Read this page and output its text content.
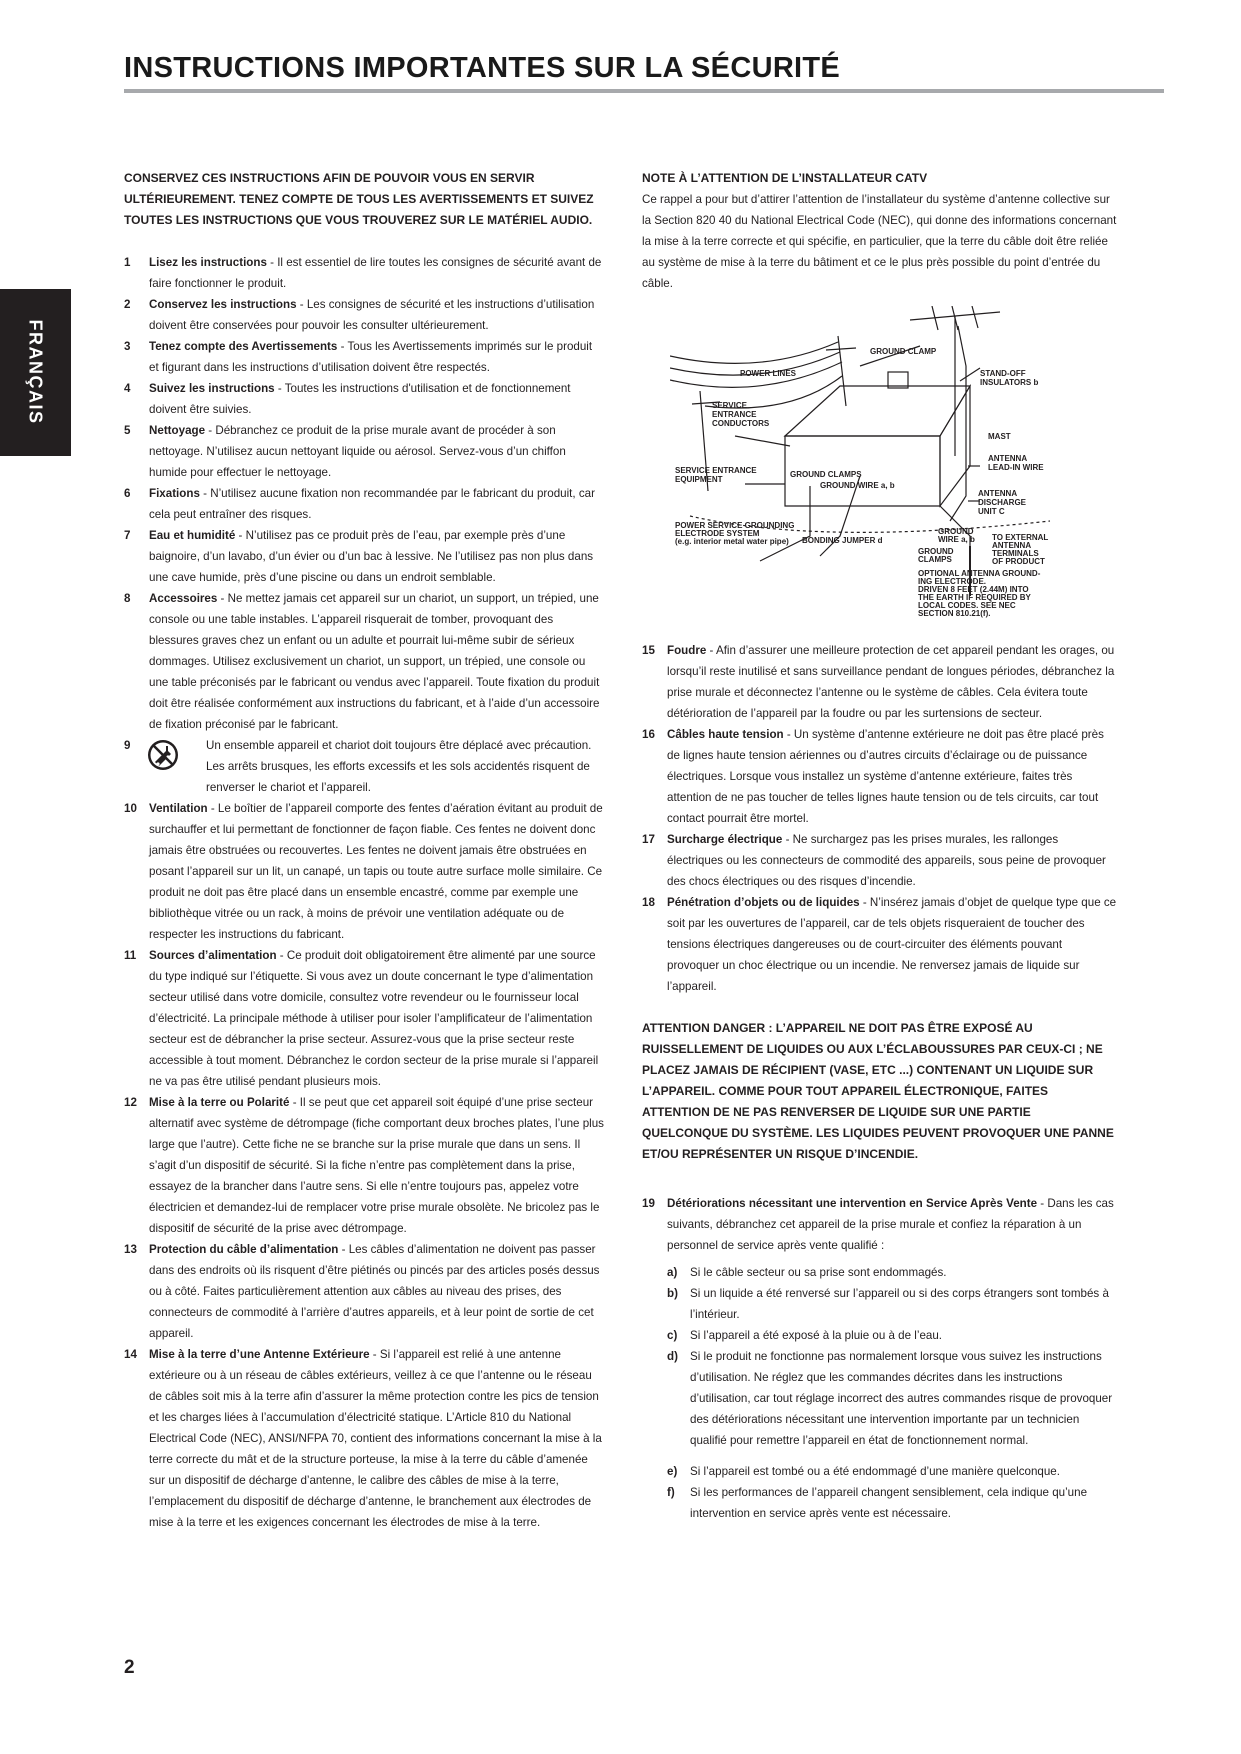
INSTRUCTIONS IMPORTANTES SUR LA SÉCURITÉ
FRANÇAIS

CONSERVEZ CES INSTRUCTIONS AFIN DE POUVOIR VOUS EN SERVIR ULTÉRIEUREMENT. TENEZ COMPTE DE TOUS LES AVERTISSEMENTS ET SUIVEZ TOUTES LES INSTRUCTIONS QUE VOUS TROUVEREZ SUR LE MATÉRIEL AUDIO.

1 Lisez les instructions - Il est essentiel de lire toutes les consignes de sécurité avant de faire fonctionner le produit.
2 Conservez les instructions - Les consignes de sécurité et les instructions d’utilisation doivent être conservées pour pouvoir les consulter ultérieurement.
3 Tenez compte des Avertissements - Tous les Avertissements imprimés sur le produit et figurant dans les instructions d’utilisation doivent être respectés.
4 Suivez les instructions - Toutes les instructions d'utilisation et de fonctionnement doivent être suivies.
5 Nettoyage - Débranchez ce produit de la prise murale avant de procéder à son nettoyage. N’utilisez aucun nettoyant liquide ou aérosol. Servez-vous d’un chiffon humide pour effectuer le nettoyage.
6 Fixations - N’utilisez aucune fixation non recommandée par le fabricant du produit, car cela peut entraîner des risques.
7 Eau et humidité - N’utilisez pas ce produit près de l’eau, par exemple près d’une baignoire, d’un lavabo, d’un évier ou d’un bac à lessive. Ne l’utilisez pas non plus dans une cave humide, près d’une piscine ou dans un endroit semblable.
8 Accessoires - Ne mettez jamais cet appareil sur un chariot, un support, un trépied, une console ou une table instables. L’appareil risquerait de tomber, provoquant des blessures graves chez un enfant ou un adulte et pourrait lui-même subir de sérieux dommages. Utilisez exclusivement un chariot, un support, un trépied, une console ou une table préconisés par le fabricant ou vendus avec l’appareil. Toute fixation du produit doit être réalisée conformément aux instructions du fabricant, et à l’aide d’un accessoire de fixation préconisé par le fabricant.
9	Un ensemble appareil et chariot doit toujours être déplacé avec précaution. Les arrêts brusques, les efforts excessifs et les sols accidentés risquent de renverser le chariot et l’appareil.
10 Ventilation - Le boîtier de l’appareil comporte des fentes d’aération évitant au produit de surchauffer et lui permettant de fonctionner de façon fiable. Ces fentes ne doivent donc jamais être obstruées ou recouvertes. Les fentes ne doivent jamais être obstruées en posant l’appareil sur un lit, un canapé, un tapis ou toute autre surface molle similaire. Ce produit ne doit pas être placé dans un ensemble encastré, comme par exemple une bibliothèque vitrée ou un rack, à moins de prévoir une ventilation adéquate ou de respecter les instructions du fabricant.
11 Sources d’alimentation - Ce produit doit obligatoirement être alimenté par une source du type indiqué sur l’étiquette. Si vous avez un doute concernant le type d’alimentation secteur utilisé dans votre domicile, consultez votre revendeur ou le fournisseur local d’électricité. La principale méthode à utiliser pour isoler l’amplificateur de l’alimentation secteur est de débrancher la prise secteur. Assurez-vous que la prise secteur reste accessible à tout moment. Débranchez le cordon secteur de la prise murale si l’appareil ne va pas être utilisé pendant plusieurs mois.
12 Mise à la terre ou Polarité - Il se peut que cet appareil soit équipé d’une prise secteur alternatif avec système de détrompage (fiche comportant deux broches plates, l’une plus large que l’autre). Cette fiche ne se branche sur la prise murale que dans un sens. Il s’agit d’un dispositif de sécurité. Si la fiche n’entre pas complètement dans la prise, essayez de la brancher dans l’autre sens. Si elle n’entre toujours pas, appelez votre électricien et demandez-lui de remplacer votre prise murale obsolète. Ne bricolez pas le dispositif de sécurité de la prise avec détrompage.
13 Protection du câble d’alimentation - Les câbles d’alimentation ne doivent pas passer dans des endroits où ils risquent d’être piétinés ou pincés par des articles posés dessus ou à côté. Faites particulièrement attention aux câbles au niveau des prises, des connecteurs de commodité à l’arrière d’autres appareils, et à leur point de sortie de cet appareil.
14 Mise à la terre d’une Antenne Extérieure - Si l’appareil est relié à une antenne extérieure ou à un réseau de câbles extérieurs, veillez à ce que l’antenne ou le réseau de câbles soit mis à la terre afin d’assurer la même protection contre les pics de tension et les charges liées à l’accumulation d’électricité statique. L’Article 810 du National Electrical Code (NEC), ANSI/NFPA 70, contient des informations concernant la mise à la terre correcte du mât et de la structure porteuse, la mise à la terre du câble d’amenée sur un dispositif de décharge d’antenne, le calibre des câbles de mise à la terre, l’emplacement du dispositif de décharge d’antenne, le branchement aux électrodes de mise à la terre et les exigences concernant les électrodes de mise à la terre.

NOTE À L’ATTENTION DE L’INSTALLATEUR CATV

Ce rappel a pour but d’attirer l’attention de l’installateur du système d’antenne collective sur la Section 820 40 du National Electrical Code (NEC), qui donne des informations concernant la mise à la terre correcte et qui spécifie, en particulier, que la terre du câble doit être reliée au système de mise à la terre du bâtiment et ce le plus près possible du point d’entrée du câble.

GROUND CLAMP
POWER LINES	STAND-OFF
INSULATORS b
SERVICE
ENTRANCE
CONDUCTORS
MAST
SERVICE ENTRANCE
EQUIPMENT
GROUND CLAMPS
GROUND WIRE a, b
ANTENNA
LEAD-IN WIRE
ANTENNA
DISCHARGE
UNIT C
POWER SERVICE GROUNDING
ELECTRODE SYSTEM
(e.g. interior metal water pipe) BONDING JUMPER d
GROUND
WIRE a, b TO EXTERNAL
ANTENNA
TERMINALS
OF PRODUCT
GROUND
CLAMPS
OPTIONAL ANTENNA GROUND-
ING ELECTRODE.
DRIVEN 8 FEET (2.44M) INTO
THE EARTH IF REQUIRED BY
LOCAL CODES. SEE NEC
SECTION 810.21(f).
15 Foudre - Afin d’assurer une meilleure protection de cet appareil pendant les orages, ou lorsqu’il reste inutilisé et sans surveillance pendant de longues périodes, débranchez la prise murale et déconnectez l’antenne ou le système de câbles. Cela évitera toute détérioration de l’appareil par la foudre ou par les surtensions de secteur.
16 Câbles haute tension - Un système d’antenne extérieure ne doit pas être placé près de lignes haute tension aériennes ou d’autres circuits d’éclairage ou de puissance électriques. Lorsque vous installez un système d’antenne extérieure, faites très attention de ne pas toucher de telles lignes haute tension ou de tels circuits, car tout contact pourrait être mortel.
17 Surcharge électrique - Ne surchargez pas les prises murales, les rallonges électriques ou les connecteurs de commodité des appareils, sous peine de provoquer des chocs électriques ou des risques d’incendie.
18 Pénétration d’objets ou de liquides - N’insérez jamais d’objet de quelque type que ce soit par les ouvertures de l’appareil, car de tels objets risqueraient de toucher des tensions électriques dangereuses ou de court-circuiter des éléments pouvant provoquer un choc électrique ou un incendie. Ne renversez jamais de liquide sur l’appareil.

ATTENTION DANGER : L’APPAREIL NE DOIT PAS ÊTRE EXPOSÉ AU RUISSELLEMENT DE LIQUIDES OU AUX L’ÉCLABOUSSURES PAR CEUX-CI ; NE PLACEZ JAMAIS DE RÉCIPIENT (VASE, ETC ...) CONTENANT UN LIQUIDE SUR L’APPAREIL. COMME POUR TOUT APPAREIL ÉLECTRONIQUE, FAITES ATTENTION DE NE PAS RENVERSER DE LIQUIDE SUR UNE PARTIE QUELCONQUE DU SYSTÈME. LES LIQUIDES PEUVENT PROVOQUER UNE PANNE ET/OU REPRÉSENTER UN RISQUE D’INCENDIE.

19 Détériorations nécessitant une intervention en Service Après Vente - Dans les cas suivants, débranchez cet appareil de la prise murale et confiez la réparation à un personnel de service après vente qualifié :
a) Si le câble secteur ou sa prise sont endommagés.
b) Si un liquide a été renversé sur l’appareil ou si des corps étrangers sont tombés à l’intérieur.
c) Si l’appareil a été exposé à la pluie ou à de l’eau.
d) Si le produit ne fonctionne pas normalement lorsque vous suivez les instructions d’utilisation. Ne réglez que les commandes décrites dans les instructions d’utilisation, car tout réglage incorrect des autres commandes risque de provoquer des détériorations nécessitant une intervention importante par un technicien qualifié pour remettre l’appareil en état de fonctionnement normal.
e) Si l’appareil est tombé ou a été endommagé d’une manière quelconque.
f) Si les performances de l’appareil changent sensiblement, cela indique qu’une intervention en service après vente est nécessaire.
2
